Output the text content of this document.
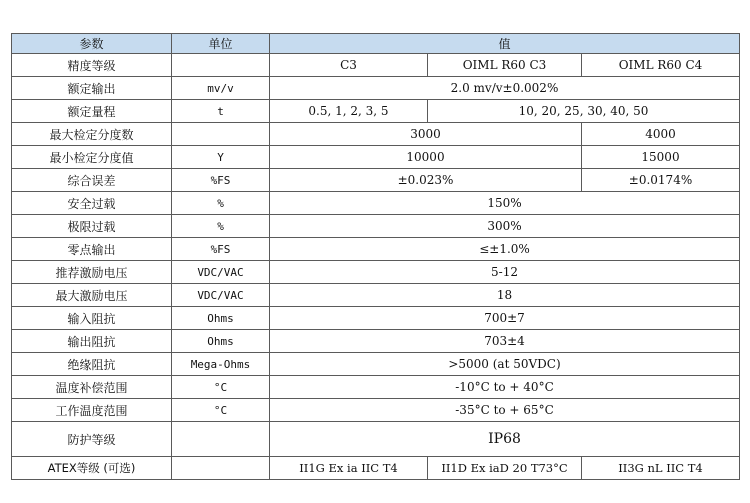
参数	单位	值		
精度等级		C3	OIML R60 C3	OIML R60 C4
额定输出	mv/v	2.0 mv/v±0.002%		
额定量程	t	0.5, 1, 2, 3, 5	10, 20, 25, 30, 40, 50	
最大检定分度数		3000		4000
最小检定分度值	Y	10000		15000
综合误差	%FS	±0.023%		±0.0174%
安全过载	%	150%		
极限过载	%	300%		
零点输出	%FS	≤±1.0%		
推荐激励电压	VDC/VAC	5-12		
最大激励电压	VDC/VAC	18		
输入阻抗	Ohms	700±7		
输出阻抗	Ohms	703±4		
绝缘阻抗	Mega-Ohms	>5000 (at 50VDC)		
温度补偿范围	°C	-10°C to + 40°C		
工作温度范围	°C	-35°C to + 65°C		
防护等级		IP68		
ATEX等级 (可选)		II1G Ex ia IIC T4	II1D Ex iaD 20 T73°C	II3G nL IIC T4
